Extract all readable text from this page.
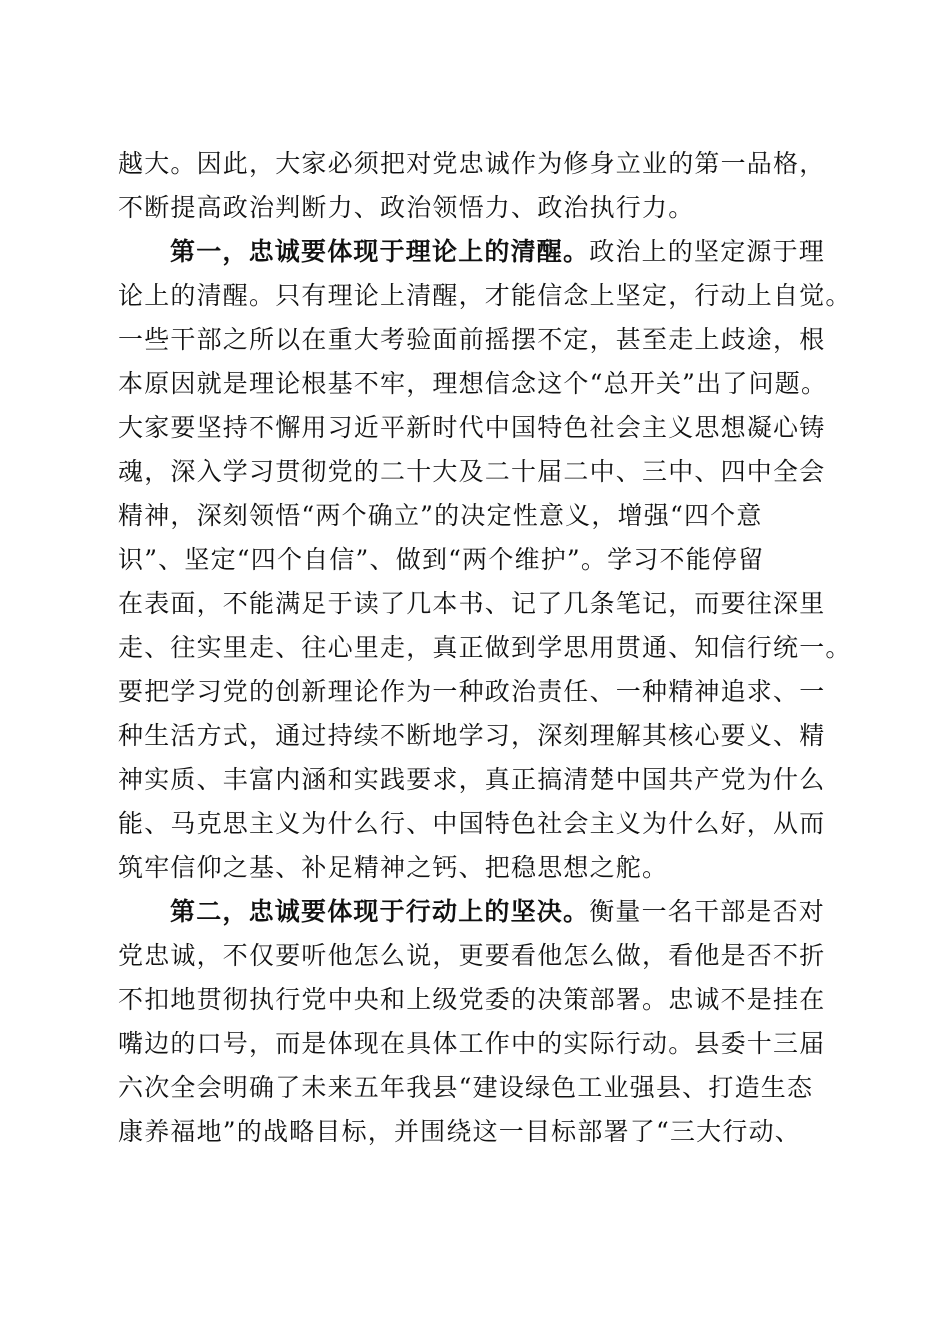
越大。因此，大家必须把对党忠诚作为修身立业的第一品格，
不断提高政治判断力、政治领悟力、政治执行力。
第一，忠诚要体现于理论上的清醒。政治上的坚定源于理
论上的清醒。只有理论上清醒，才能信念上坚定，行动上自觉。
一些干部之所以在重大考验面前摇摆不定，甚至走上歧途，根
本原因就是理论根基不牢，理想信念这个“总开关”出了问题。
大家要坚持不懈用习近平新时代中国特色社会主义思想凝心铸
魂，深入学习贯彻党的二十大及二十届二中、三中、四中全会
精神，深刻领悟“两个确立”的决定性意义，增强“四个意
识”、坚定“四个自信”、做到“两个维护”。学习不能停留
在表面，不能满足于读了几本书、记了几条笔记，而要往深里
走、往实里走、往心里走，真正做到学思用贯通、知信行统一。
要把学习党的创新理论作为一种政治责任、一种精神追求、一
种生活方式，通过持续不断地学习，深刻理解其核心要义、精
神实质、丰富内涵和实践要求，真正搞清楚中国共产党为什么
能、马克思主义为什么行、中国特色社会主义为什么好，从而
筑牢信仰之基、补足精神之钙、把稳思想之舵。
第二，忠诚要体现于行动上的坚决。衡量一名干部是否对
党忠诚，不仅要听他怎么说，更要看他怎么做，看他是否不折
不扣地贯彻执行党中央和上级党委的决策部署。忠诚不是挂在
嘴边的口号，而是体现在具体工作中的实际行动。县委十三届
六次全会明确了未来五年我县“建设绿色工业强县、打造生态
康养福地”的战略目标，并围绕这一目标部署了“三大行动、
